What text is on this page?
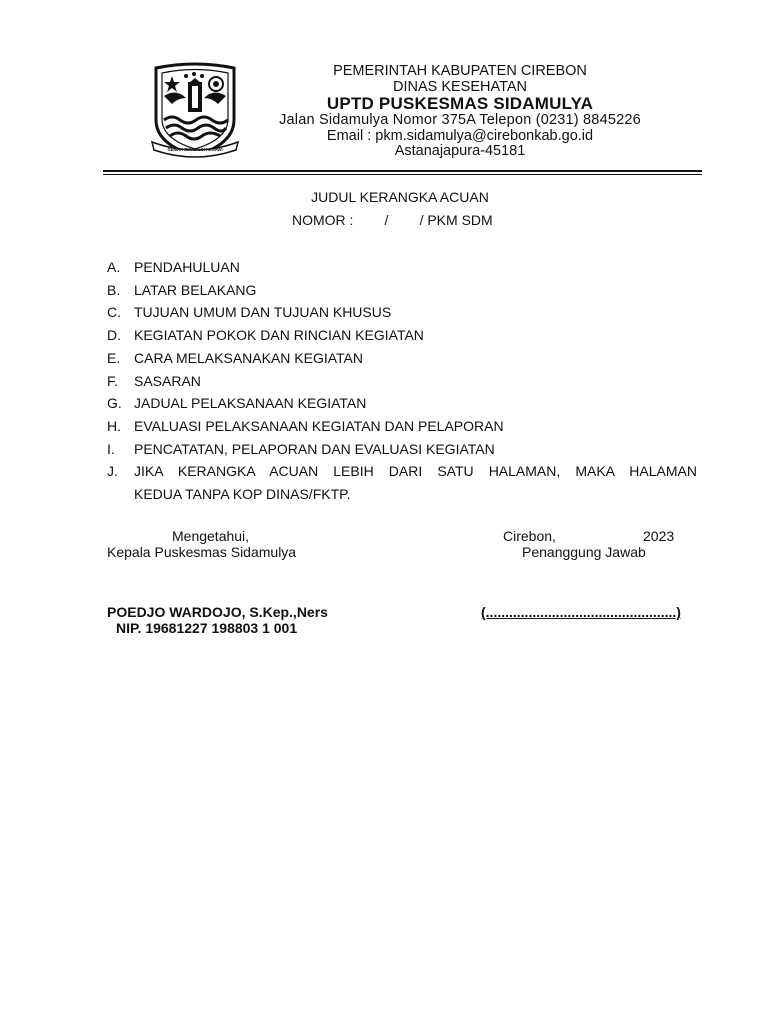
GEMAH RIPAH LOH JINAWI
PEMERINTAH KABUPATEN CIREBON
DINAS KESEHATAN
UPTD PUSKESMAS SIDAMULYA
Jalan Sidamulya Nomor 375A Telepon (0231) 8845226
Email : pkm.sidamulya@cirebonkab.go.id
Astanajapura-45181
JUDUL KERANGKA ACUAN
NOMOR :        /        / PKM SDM
A. PENDAHULUAN
B. LATAR BELAKANG
C. TUJUAN UMUM DAN TUJUAN KHUSUS
D. KEGIATAN POKOK DAN RINCIAN KEGIATAN
E. CARA MELAKSANAKAN KEGIATAN
F.	SASARAN
G. JADUAL PELAKSANAAN KEGIATAN
H. EVALUASI PELAKSANAAN KEGIATAN DAN PELAPORAN
I.	PENCATATAN, PELAPORAN DAN EVALUASI KEGIATAN
J.	JIKA KERANGKA ACUAN LEBIH DARI SATU HALAMAN, MAKA HALAMAN
KEDUA TANPA KOP DINAS/FKTP.
Mengetahui,
Kepala Puskesmas Sidamulya
Cirebon,	2023
Penanggung Jawab
POEDJO WARDOJO, S.Kep.,Ners
NIP. 19681227 198803 1 001
(.................................................)
